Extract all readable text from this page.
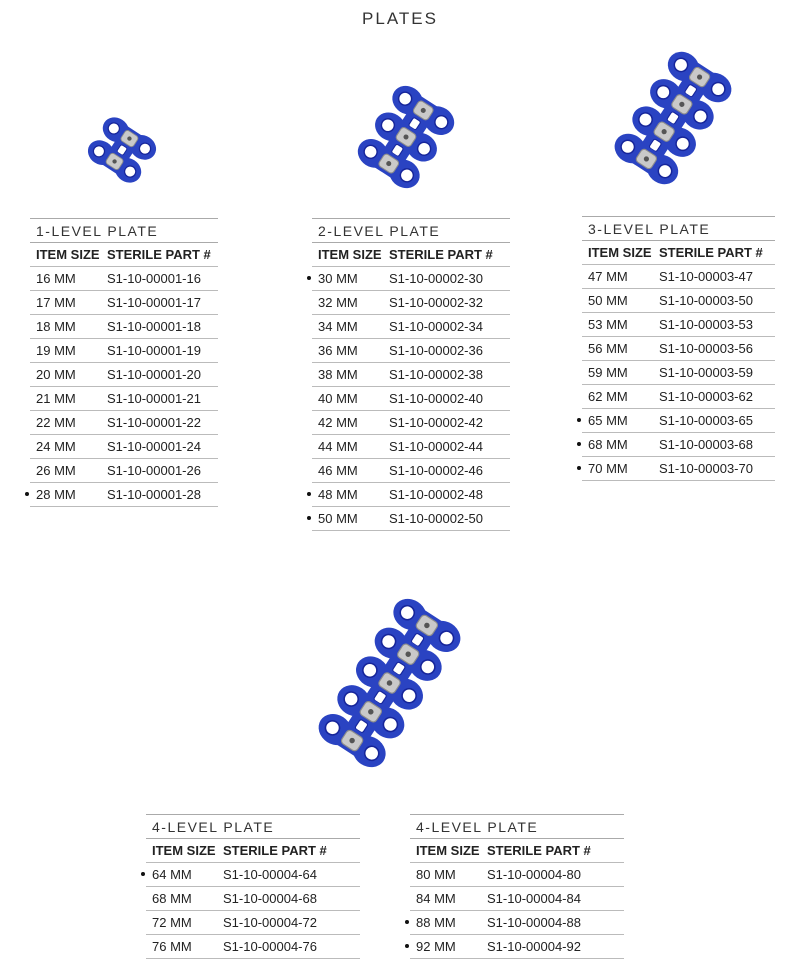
PLATES
1-LEVEL PLATE
ITEM SIZE STERILE PART #
16 MM	S1-10-00001-16
17 MM	S1-10-00001-17
18 MM	S1-10-00001-18
19 MM	S1-10-00001-19
20 MM	S1-10-00001-20
21 MM	S1-10-00001-21
22 MM	S1-10-00001-22
24 MM	S1-10-00001-24
26 MM	S1-10-00001-26
28 MM	S1-10-00001-28
2-LEVEL PLATE
ITEM SIZE STERILE PART #
30 MM	S1-10-00002-30
32 MM	S1-10-00002-32
34 MM	S1-10-00002-34
36 MM	S1-10-00002-36
38 MM	S1-10-00002-38
40 MM	S1-10-00002-40
42 MM	S1-10-00002-42
44 MM	S1-10-00002-44
46 MM	S1-10-00002-46
48 MM	S1-10-00002-48
50 MM	S1-10-00002-50
3-LEVEL PLATE
ITEM SIZE STERILE PART #
47 MM	S1-10-00003-47
50 MM	S1-10-00003-50
53 MM	S1-10-00003-53
56 MM	S1-10-00003-56
59 MM	S1-10-00003-59
62 MM	S1-10-00003-62
65 MM	S1-10-00003-65
68 MM	S1-10-00003-68
70 MM	S1-10-00003-70
4-LEVEL PLATE
ITEM SIZE STERILE PART #
64 MM	S1-10-00004-64
68 MM	S1-10-00004-68
72 MM	S1-10-00004-72
76 MM	S1-10-00004-76
4-LEVEL PLATE
ITEM SIZE STERILE PART #
80 MM	S1-10-00004-80
84 MM	S1-10-00004-84
88 MM	S1-10-00004-88
92 MM	S1-10-00004-92
